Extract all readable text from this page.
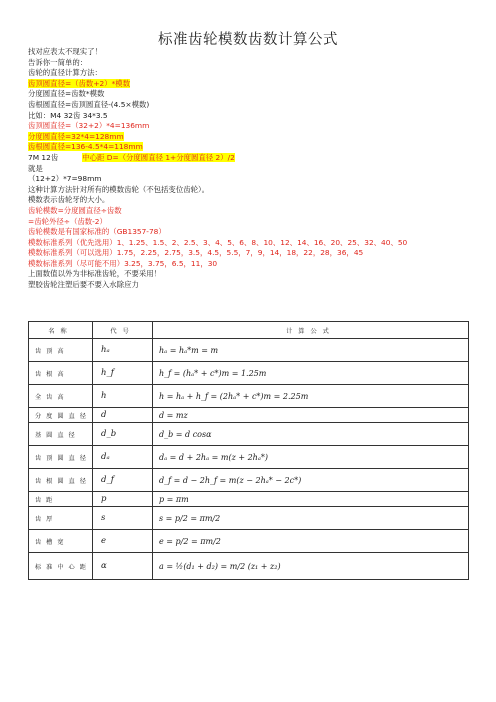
标准齿轮模数齿数计算公式
找对应表太不现实了！
告诉你一简单的：
齿轮的直径计算方法：
齿顶圆直径=（齿数+2）*模数
分度圆直径=齿数*模数
齿根圆直径=齿顶圆直径-(4.5×模数)
比如：M4 32齿 34*3.5
齿顶圆直径=（32+2）*4=136mm
分度圆直径=32*4=128mm
齿根圆直径=136-4.5*4=118mm
7M 12齿	中心距 D=（分度圆直径 1+分度圆直径 2）/2
就是
（12+2）*7=98mm
这种计算方法针对所有的模数齿轮（不包括变位齿轮）。
模数表示齿轮牙的大小。
齿轮模数=分度圆直径÷齿数
=齿轮外径÷（齿数-2）
齿轮模数是有国家标准的（GB1357-78）
模数标准系列（优先选用）1、1.25、1.5、2、2.5、3、4、5、6、8、10、12、14、16、20、25、32、40、50
模数标准系列（可以选用）1.75，2.25，2.75，3.5，4.5，5.5，7，9，14，18，22，28，36，45
模数标准系列（尽可能不用）3.25，3.75，6.5，11，30
上面数值以外为非标准齿轮，不要采用！
塑胶齿轮注塑后要不要入水除应力
名称	代号	计算公式
齿顶高	hₐ	hₐ = hₐ*m = m
齿根高	h_f	h_f = (hₐ* + c*)m = 1.25m
全齿高	h	h = hₐ + h_f = (2hₐ* + c*)m = 2.25m
分度圆直径	d	d = mz
基圆直径	d_b	d_b = d cosα
齿顶圆直径	dₐ	dₐ = d + 2hₐ = m(z + 2hₐ*)
齿根圆直径	d_f	d_f = d − 2h_f = m(z − 2hₐ* − 2c*)
齿距	p	p = πm
齿厚	s	s = p/2 = πm/2
齿槽宽	e	e = p/2 = πm/2
标准中心距	α	a = ½(d₁ + d₂) = m/2 (z₁ + z₂)
